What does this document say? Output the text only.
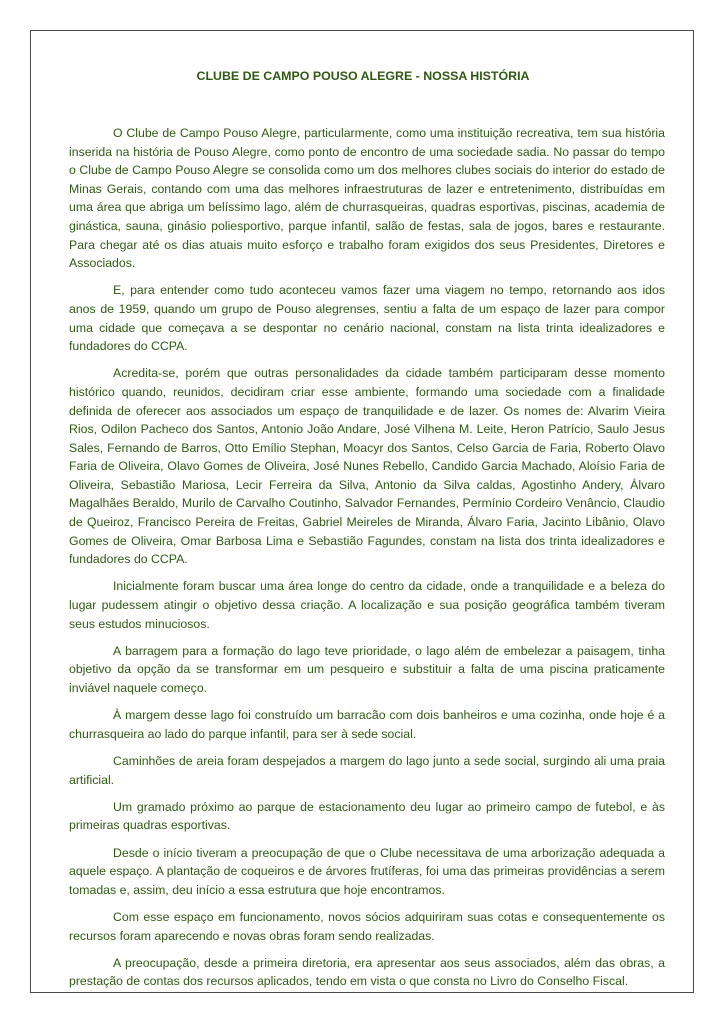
CLUBE DE CAMPO POUSO ALEGRE - NOSSA HISTÓRIA

O Clube de Campo Pouso Alegre, particularmente, como uma instituição recreativa, tem sua história inserida na história de Pouso Alegre, como ponto de encontro de uma sociedade sadia. No passar do tempo o Clube de Campo Pouso Alegre se consolida como um dos melhores clubes sociais do interior do estado de Minas Gerais, contando com uma das melhores infraestruturas de lazer e entretenimento, distribuídas em uma área que abriga um belíssimo lago, além de churrasqueiras, quadras esportivas, piscinas, academia de ginástica, sauna, ginásio poliesportivo, parque infantil, salão de festas, sala de jogos, bares e restaurante. Para chegar até os dias atuais muito esforço e trabalho foram exigidos dos seus Presidentes, Diretores e Associados.

E, para entender como tudo aconteceu vamos fazer uma viagem no tempo, retornando aos idos anos de 1959, quando um grupo de Pouso alegrenses, sentiu a falta de um espaço de lazer para compor uma cidade que começava a se despontar no cenário nacional, constam na lista trinta idealizadores e fundadores do CCPA.

Acredita-se, porém que outras personalidades da cidade também participaram desse momento histórico quando, reunidos, decidiram criar esse ambiente, formando uma sociedade com a finalidade definida de oferecer aos associados um espaço de tranquilidade e de lazer. Os nomes de: Alvarim Vieira Rios, Odilon Pacheco dos Santos, Antonio João Andare, José Vilhena M. Leite, Heron Patrício, Saulo Jesus Sales, Fernando de Barros, Otto Emílio Stephan, Moacyr dos Santos, Celso Garcia de Faria, Roberto Olavo Faria de Oliveira, Olavo Gomes de Oliveira, José Nunes Rebello, Candido Garcia Machado, Aloísio Faria de Oliveira, Sebastião Mariosa, Lecir Ferreira da Silva, Antonio da Silva caldas, Agostinho Andery, Álvaro Magalhães Beraldo, Murilo de Carvalho Coutinho, Salvador Fernandes, Permínio Cordeiro Venâncio, Claudio de Queiroz, Francisco Pereira de Freitas, Gabriel Meireles de Miranda, Álvaro Faria, Jacinto Libânio, Olavo Gomes de Oliveira, Omar Barbosa Lima e Sebastião Fagundes, constam na lista dos trinta idealizadores e fundadores do CCPA.

Inicialmente foram buscar uma área longe do centro da cidade, onde a tranquilidade e a beleza do lugar pudessem atingir o objetivo dessa criação. A localização e sua posição geográfica também tiveram seus estudos minuciosos.

A barragem para a formação do lago teve prioridade, o lago além de embelezar a paisagem, tinha objetivo da opção da se transformar em um pesqueiro e substituir a falta de uma piscina praticamente inviável naquele começo.

À margem desse lago foi construído um barracão com dois banheiros e uma cozinha, onde hoje é a churrasqueira ao lado do parque infantil, para ser à sede social.

Caminhões de areia foram despejados a margem do lago junto a sede social, surgindo ali uma praia artificial.

Um gramado próximo ao parque de estacionamento deu lugar ao primeiro campo de futebol, e às primeiras quadras esportivas.

Desde o início tiveram a preocupação de que o Clube necessitava de uma arborização adequada a aquele espaço. A plantação de coqueiros e de árvores frutíferas, foi uma das primeiras providências a serem tomadas e, assim, deu início a essa estrutura que hoje encontramos.

Com esse espaço em funcionamento, novos sócios adquiriram suas cotas e consequentemente os recursos foram aparecendo e novas obras foram sendo realizadas.

A preocupação, desde a primeira diretoria, era apresentar aos seus associados, além das obras, a prestação de contas dos recursos aplicados, tendo em vista o que consta no Livro do Conselho Fiscal.
